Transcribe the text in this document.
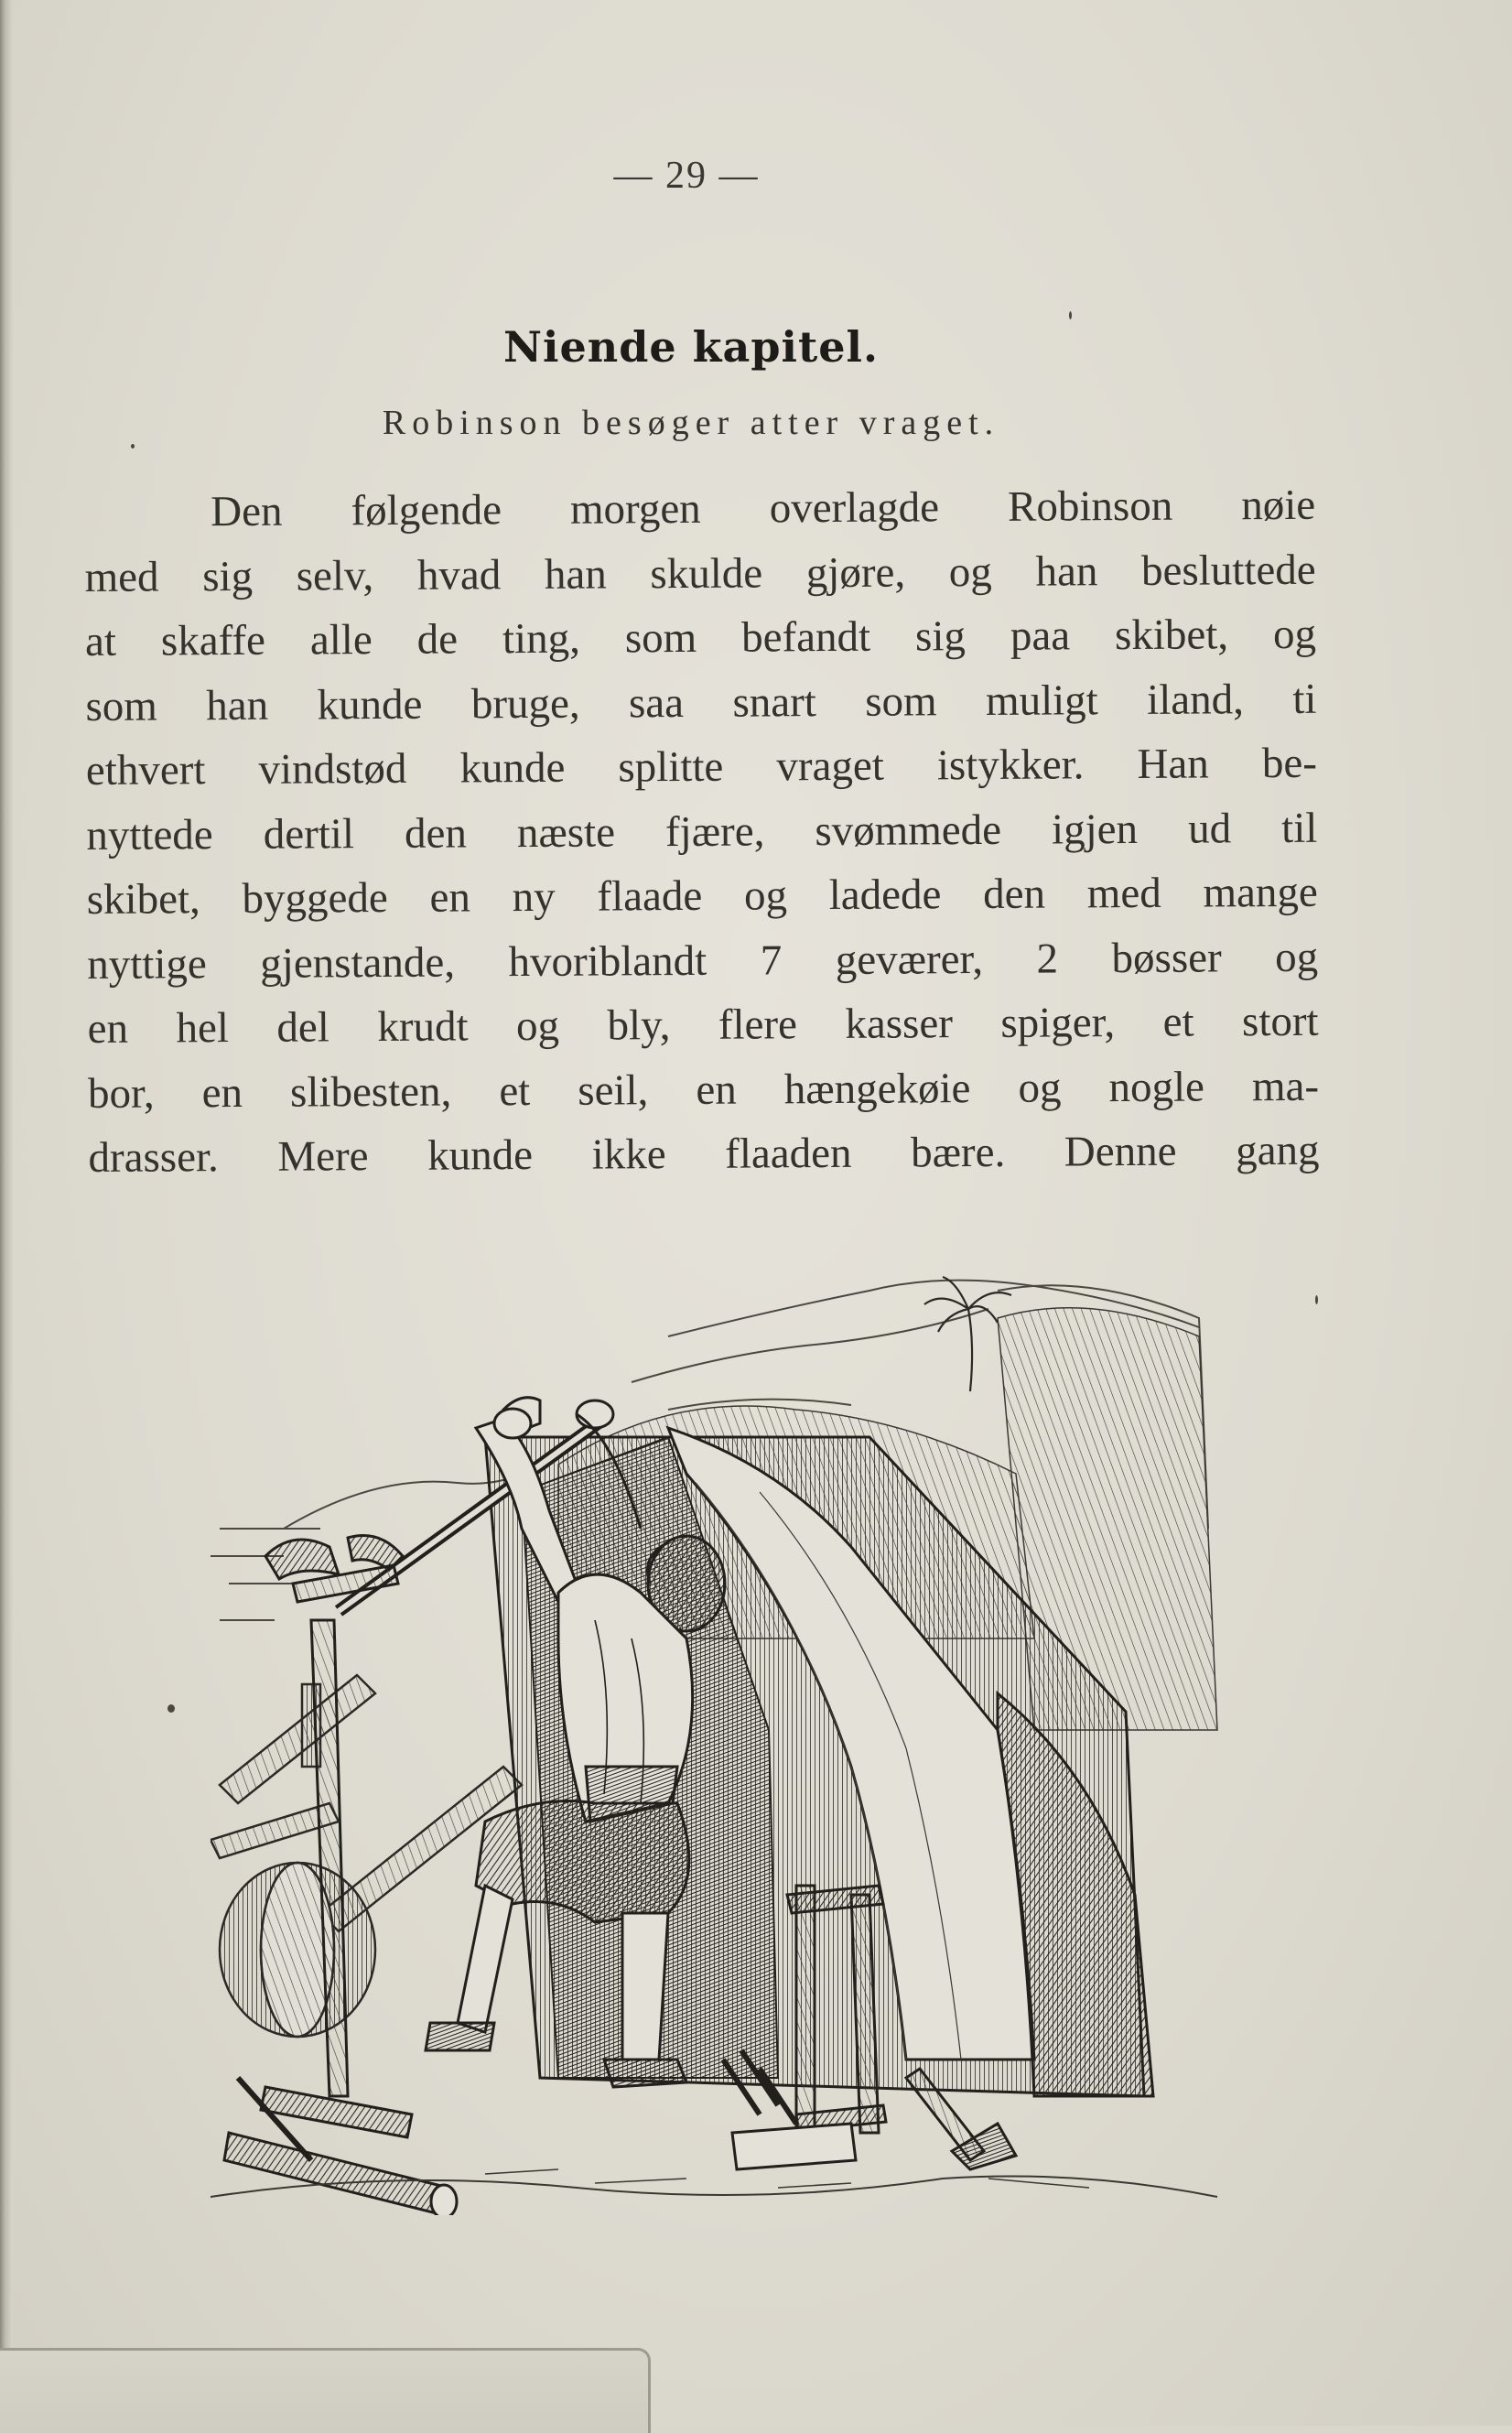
— 29 —
Niende kapitel.
Robinson besøger atter vraget.
Den følgende morgen overlagde Robinson nøie
med sig selv, hvad han skulde gjøre, og han besluttede
at skaffe alle de ting, som befandt sig paa skibet, og
som han kunde bruge, saa snart som muligt iland, ti
ethvert vindstød kunde splitte vraget istykker. Han be-
nyttede dertil den næste fjære, svømmede igjen ud til
skibet, byggede en ny flaade og ladede den med mange
nyttige gjenstande, hvoriblandt 7 geværer, 2 bøsser og
en hel del krudt og bly, flere kasser spiger, et stort
bor, en slibesten, et seil, en hængekøie og nogle ma-
drasser. Mere kunde ikke flaaden bære. Denne gang
